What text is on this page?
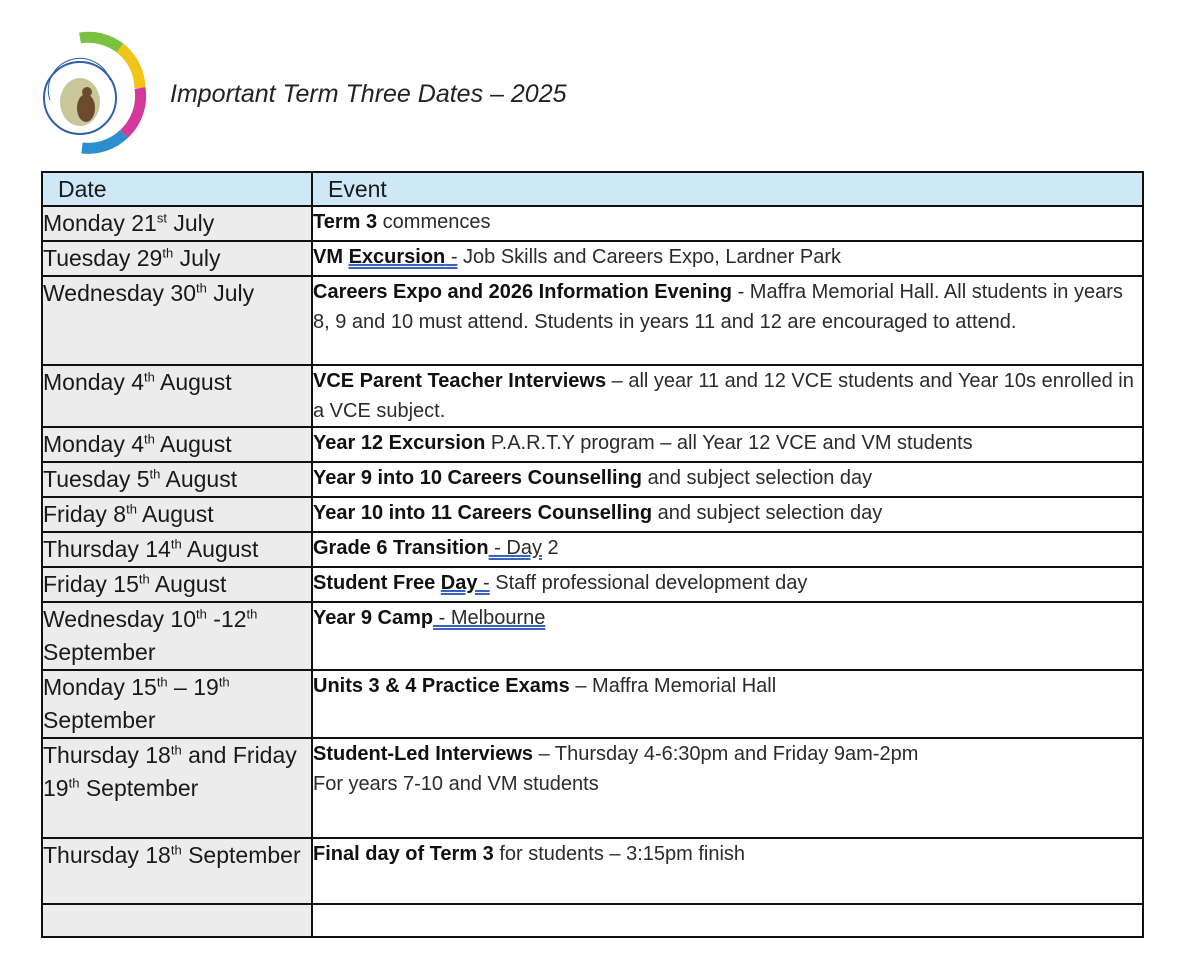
Important Term Three Dates – 2025
Date	Event
Monday 21st July	Term 3 commences
Tuesday 29th July	VM Excursion - Job Skills and Careers Expo, Lardner Park
Wednesday 30th July	Careers Expo and 2026 Information Evening - Maffra Memorial Hall. All students in years 8, 9 and 10 must attend. Students in years 11 and 12 are encouraged to attend.
Monday 4th August	VCE Parent Teacher Interviews – all year 11 and 12 VCE students and Year 10s enrolled in a VCE subject.
Monday 4th August	Year 12 Excursion P.A.R.T.Y program – all Year 12 VCE and VM students
Tuesday 5th August	Year 9 into 10 Careers Counselling and subject selection day
Friday 8th August	Year 10 into 11 Careers Counselling and subject selection day
Thursday 14th August	Grade 6 Transition - Day 2
Friday 15th August	Student Free Day - Staff professional development day
Wednesday 10th -12th September	Year 9 Camp - Melbourne
Monday 15th – 19th September	Units 3 & 4 Practice Exams – Maffra Memorial Hall
Thursday 18th and Friday 19th September	Student-Led Interviews – Thursday 4-6:30pm and Friday 9am-2pm
For years 7-10 and VM students
Thursday 18th September	Final day of Term 3 for students – 3:15pm finish
